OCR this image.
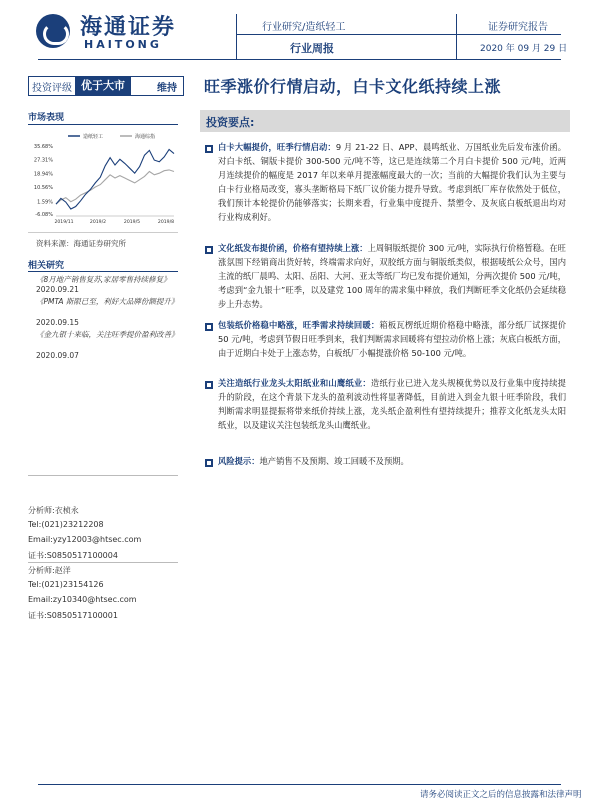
海通证券
HAITONG
行业研究/造纸轻工
行业周报
证券研究报告
2020 年 09 月 29 日
投资评级 优于大市	维持	旺季涨价行情启动，白卡文化纸持续上涨
市场表现
造纸轻工	海通综指
35.68%
27.31%
18.94%
10.56%
1.59%
-6.08%
2019/11	2019/2	2019/5	2019/8
资料来源：海通证券研究所
相关研究
《8月地产销售复苏,家居零售持续修复》
2020.09.21
《PMTA 斯限已至，利好大品牌份额提升》
2020.09.15
《金九银十来临，关注旺季提价盈利改善》
2020.09.07
分析师:衣桢永
Tel:(021)23212208
Email:yzy12003@htsec.com
证书:S0850517100004
分析师:赵洋
Tel:(021)23154126
Email:zy10340@htsec.com
证书:S0850517100001
投资要点:
白卡大幅提价，旺季行情启动：9 月 21-22 日、APP、晨鸣纸业、万国纸业先后发布涨价函。对白卡纸、铜版卡提价 300-500 元/吨不等，这已是连续第二个月白卡提价 500 元/吨，近两月连续提价的幅度是 2017 年以来单月提涨幅度最大的一次；当前的大幅提价我们认为主要与白卡行业格局改变，寡头垄断格局下纸厂议价能力提升导致。考虑到纸厂库存依然处于低位，我们预计本轮提价仍能够落实；长期来看，行业集中度提升、禁塑令、及灰底白板纸退出均对行业构成利好。
文化纸发布提价函，价格有望持续上涨：上周铜版纸提价 300 元/吨，实际执行价格暂稳。在旺涨氛围下经销商出货好转，终端需求向好，双胶纸方面与铜版纸类似，根据唛纸公众号，国内主流的纸厂晨鸣、太阳、岳阳、大河、亚太等纸厂均已发布提价通知，分两次提价 500 元/吨，考虑到“金九银十”旺季，以及建党 100 周年的需求集中释放，我们判断旺季文化纸仍会延续稳步上升态势。
包装纸价格稳中略涨，旺季需求持续回暖：箱板瓦楞纸近期价格稳中略涨，部分纸厂试探提价 50 元/吨，考虑到节假日旺季到来，我们判断需求回暖将有望拉动价格上涨；灰底白板纸方面，由于近期白卡处于上涨态势，白板纸厂小幅提涨价格 50-100 元/吨。
关注造纸行业龙头太阳纸业和山鹰纸业：造纸行业已进入龙头规模优势以及行业集中度持续提升的阶段，在这个背景下龙头的盈利波动性将显著降低，目前进入到金九银十旺季阶段，我们判断需求明显提振将带来纸价持续上涨，龙头纸企盈利性有望持续提升；推荐文化纸龙头太阳纸业，以及建议关注包装纸龙头山鹰纸业。
风险提示：地产销售不及预期、竣工回暖不及预期。
请务必阅读正文之后的信息披露和法律声明
